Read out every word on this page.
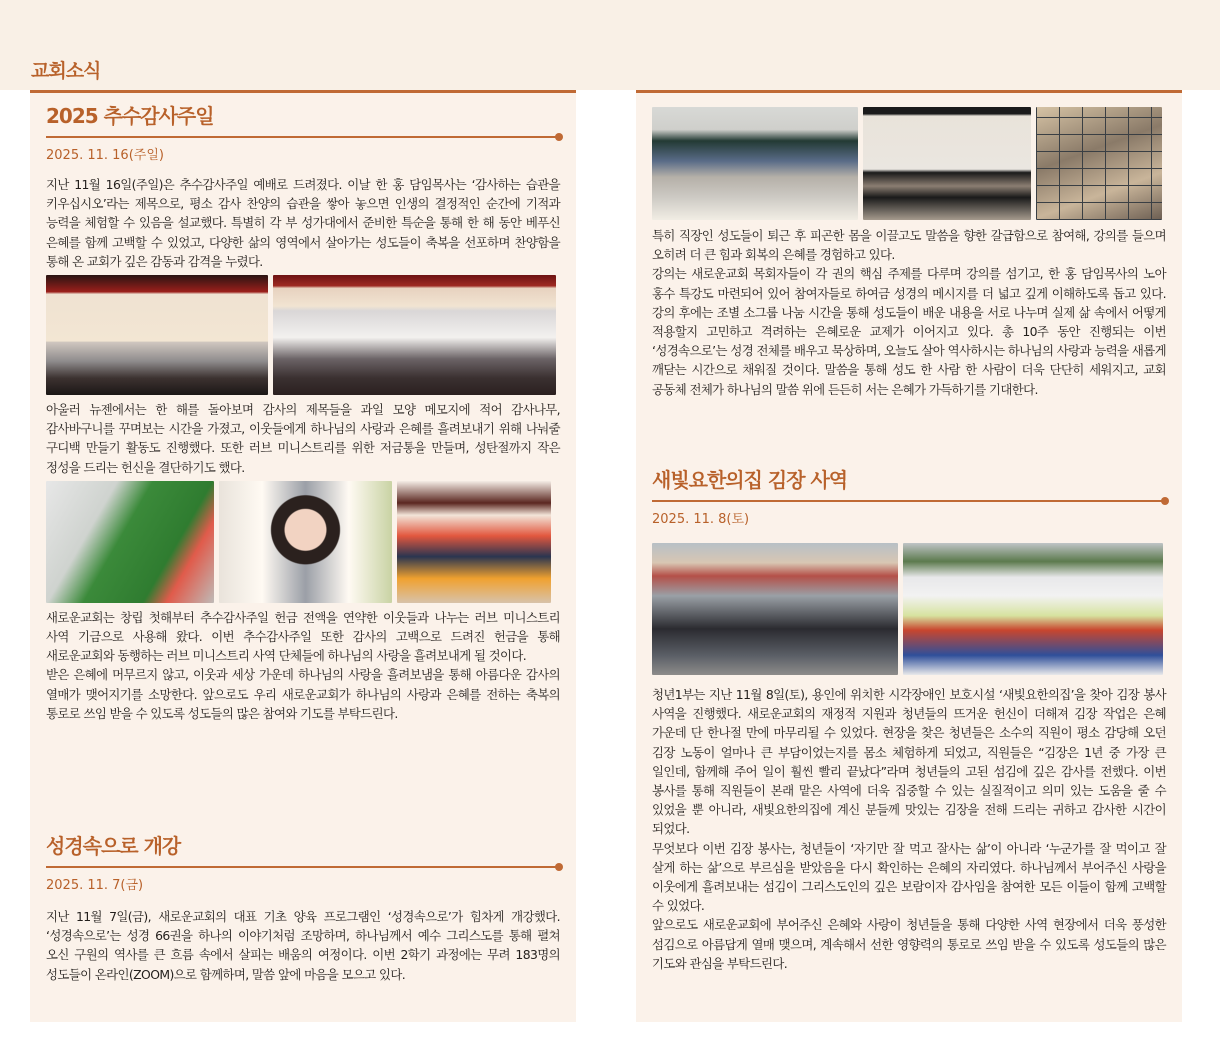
교회소식
2025 추수감사주일
2025. 11. 16(주일)

지난 11월 16일(주일)은 추수감사주일 예배로 드려졌다. 이날 한 홍 담임목사는 ‘감사하는 습관을 키우십시오’라는 제목으로, 평소 감사 찬양의 습관을 쌓아 놓으면 인생의 결정적인 순간에 기적과 능력을 체험할 수 있음을 설교했다. 특별히 각 부 성가대에서 준비한 특순을 통해 한 해 동안 베푸신 은혜를 함께 고백할 수 있었고, 다양한 삶의 영역에서 살아가는 성도들이 축복을 선포하며 찬양함을 통해 온 교회가 깊은 감동과 감격을 누렸다.

아울러 뉴젠에서는 한 해를 돌아보며 감사의 제목들을 과일 모양 메모지에 적어 감사나무, 감사바구니를 꾸며보는 시간을 가졌고, 이웃들에게 하나님의 사랑과 은혜를 흘려보내기 위해 나눠줄 구디백 만들기 활동도 진행했다. 또한 러브 미니스트리를 위한 저금통을 만들며, 성탄절까지 작은 정성을 드리는 헌신을 결단하기도 했다.

새로운교회는 창립 첫해부터 추수감사주일 헌금 전액을 연약한 이웃들과 나누는 러브 미니스트리 사역 기금으로 사용해 왔다. 이번 추수감사주일 또한 감사의 고백으로 드려진 헌금을 통해 새로운교회와 동행하는 러브 미니스트리 사역 단체들에 하나님의 사랑을 흘려보내게 될 것이다.

받은 은혜에 머무르지 않고, 이웃과 세상 가운데 하나님의 사랑을 흘려보냄을 통해 아름다운 감사의 열매가 맺어지기를 소망한다. 앞으로도 우리 새로운교회가 하나님의 사랑과 은혜를 전하는 축복의 통로로 쓰임 받을 수 있도록 성도들의 많은 참여와 기도를 부탁드린다.

성경속으로 개강
2025. 11. 7(금)

지난 11월 7일(금), 새로운교회의 대표 기초 양육 프로그램인 ‘성경속으로’가 힘차게 개강했다. ‘성경속으로’는 성경 66권을 하나의 이야기처럼 조망하며, 하나님께서 예수 그리스도를 통해 펼쳐 오신 구원의 역사를 큰 흐름 속에서 살피는 배움의 여정이다. 이번 2학기 과정에는 무려 183명의 성도들이 온라인(ZOOM)으로 함께하며, 말씀 앞에 마음을 모으고 있다.

특히 직장인 성도들이 퇴근 후 피곤한 몸을 이끌고도 말씀을 향한 갈급함으로 참여해, 강의를 들으며 오히려 더 큰 힘과 회복의 은혜를 경험하고 있다.

강의는 새로운교회 목회자들이 각 권의 핵심 주제를 다루며 강의를 섬기고, 한 홍 담임목사의 노아 홍수 특강도 마련되어 있어 참여자들로 하여금 성경의 메시지를 더 넓고 깊게 이해하도록 돕고 있다. 강의 후에는 조별 소그룹 나눔 시간을 통해 성도들이 배운 내용을 서로 나누며 실제 삶 속에서 어떻게 적용할지 고민하고 격려하는 은혜로운 교제가 이어지고 있다. 총 10주 동안 진행되는 이번 ‘성경속으로’는 성경 전체를 배우고 묵상하며, 오늘도 살아 역사하시는 하나님의 사랑과 능력을 새롭게 깨닫는 시간으로 채워질 것이다. 말씀을 통해 성도 한 사람 한 사람이 더욱 단단히 세워지고, 교회 공동체 전체가 하나님의 말씀 위에 든든히 서는 은혜가 가득하기를 기대한다.

새빛요한의집 김장 사역
2025. 11. 8(토)

청년1부는 지난 11월 8일(토), 용인에 위치한 시각장애인 보호시설 ‘새빛요한의집’을 찾아 김장 봉사 사역을 진행했다. 새로운교회의 재정적 지원과 청년들의 뜨거운 헌신이 더해져 김장 작업은 은혜 가운데 단 한나절 만에 마무리될 수 있었다. 현장을 찾은 청년들은 소수의 직원이 평소 감당해 오던 김장 노동이 얼마나 큰 부담이었는지를 몸소 체험하게 되었고, 직원들은 “김장은 1년 중 가장 큰 일인데, 함께해 주어 일이 훨씬 빨리 끝났다”라며 청년들의 고된 섬김에 깊은 감사를 전했다. 이번 봉사를 통해 직원들이 본래 맡은 사역에 더욱 집중할 수 있는 실질적이고 의미 있는 도움을 줄 수 있었을 뿐 아니라, 새빛요한의집에 계신 분들께 맛있는 김장을 전해 드리는 귀하고 감사한 시간이 되었다.

무엇보다 이번 김장 봉사는, 청년들이 ‘자기만 잘 먹고 잘사는 삶’이 아니라 ‘누군가를 잘 먹이고 잘 살게 하는 삶’으로 부르심을 받았음을 다시 확인하는 은혜의 자리였다. 하나님께서 부어주신 사랑을 이웃에게 흘려보내는 섬김이 그리스도인의 깊은 보람이자 감사임을 참여한 모든 이들이 함께 고백할 수 있었다.

앞으로도 새로운교회에 부어주신 은혜와 사랑이 청년들을 통해 다양한 사역 현장에서 더욱 풍성한 섬김으로 아름답게 열매 맺으며, 계속해서 선한 영향력의 통로로 쓰임 받을 수 있도록 성도들의 많은 기도와 관심을 부탁드린다.
